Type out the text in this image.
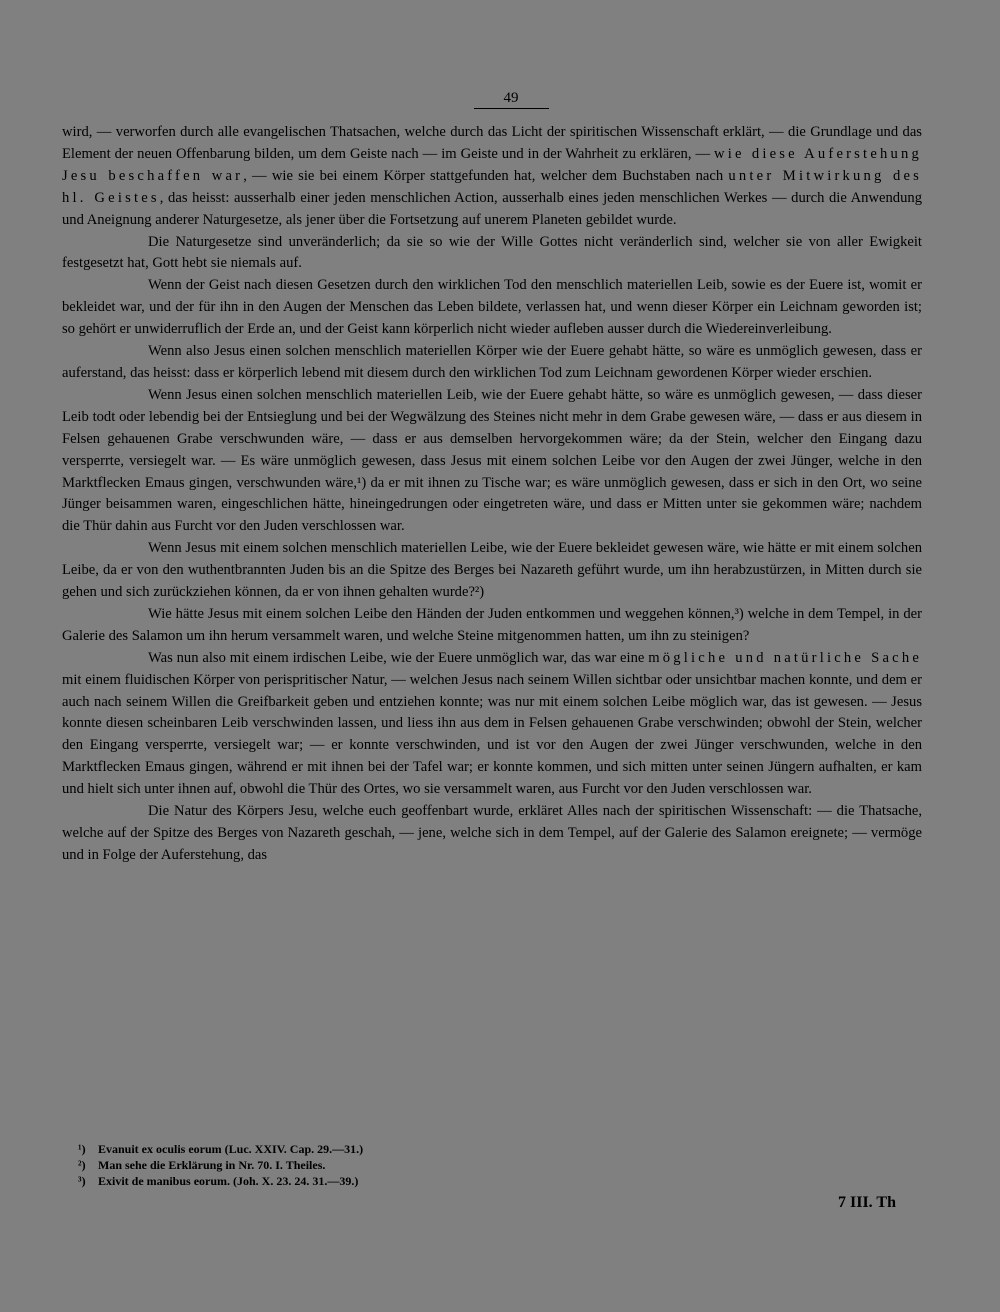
49

wird, — verworfen durch alle evangelischen Thatsachen, welche durch das Licht der spiritischen Wissenschaft erklärt, — die Grundlage und das Element der neuen Offenbarung bilden, um dem Geiste nach — im Geiste und in der Wahrheit zu erklären, — wie diese Auferstehung Jesu beschaffen war, — wie sie bei einem Körper stattgefunden hat, welcher dem Buchstaben nach unter Mitwirkung des hl. Geistes, das heisst: ausserhalb einer jeden menschlichen Action, ausserhalb eines jeden menschlichen Werkes — durch die Anwendung und Aneignung anderer Naturgesetze, als jener über die Fortsetzung auf unerem Planeten gebildet wurde.

Die Naturgesetze sind unveränderlich; da sie so wie der Wille Gottes nicht veränderlich sind, welcher sie von aller Ewigkeit festgesetzt hat, Gott hebt sie niemals auf.

Wenn der Geist nach diesen Gesetzen durch den wirklichen Tod den menschlich materiellen Leib, sowie es der Euere ist, womit er bekleidet war, und der für ihn in den Augen der Menschen das Leben bildete, verlassen hat, und wenn dieser Körper ein Leichnam geworden ist; so gehört er unwiderruflich der Erde an, und der Geist kann körperlich nicht wieder aufleben ausser durch die Wiedereinverleibung.

Wenn also Jesus einen solchen menschlich materiellen Körper wie der Euere gehabt hätte, so wäre es unmöglich gewesen, dass er auferstand, das heisst: dass er körperlich lebend mit diesem durch den wirklichen Tod zum Leichnam gewordenen Körper wieder erschien.

Wenn Jesus einen solchen menschlich materiellen Leib, wie der Euere gehabt hätte, so wäre es unmöglich gewesen, — dass dieser Leib todt oder lebendig bei der Entsieglung und bei der Wegwälzung des Steines nicht mehr in dem Grabe gewesen wäre, — dass er aus diesem in Felsen gehauenen Grabe verschwunden wäre, — dass er aus demselben hervorgekommen wäre; da der Stein, welcher den Eingang dazu versperrte, versiegelt war. — Es wäre unmöglich gewesen, dass Jesus mit einem solchen Leibe vor den Augen der zwei Jünger, welche in den Marktflecken Emaus gingen, verschwunden wäre,¹) da er mit ihnen zu Tische war; es wäre unmöglich gewesen, dass er sich in den Ort, wo seine Jünger beisammen waren, eingeschlichen hätte, hineingedrungen oder eingetreten wäre, und dass er Mitten unter sie gekommen wäre; nachdem die Thür dahin aus Furcht vor den Juden verschlossen war.

Wenn Jesus mit einem solchen menschlich materiellen Leibe, wie der Euere bekleidet gewesen wäre, wie hätte er mit einem solchen Leibe, da er von den wuthentbrannten Juden bis an die Spitze des Berges bei Nazareth geführt wurde, um ihn herabzustürzen, in Mitten durch sie gehen und sich zurückziehen können, da er von ihnen gehalten wurde?²)

Wie hätte Jesus mit einem solchen Leibe den Händen der Juden entkommen und weggehen können,³) welche in dem Tempel, in der Galerie des Salamon um ihn herum versammelt waren, und welche Steine mitgenommen hatten, um ihn zu steinigen?

Was nun also mit einem irdischen Leibe, wie der Euere unmöglich war, das war eine mögliche und natürliche Sache mit einem fluidischen Körper von perispritischer Natur, — welchen Jesus nach seinem Willen sichtbar oder unsichtbar machen konnte, und dem er auch nach seinem Willen die Greifbarkeit geben und entziehen konnte; was nur mit einem solchen Leibe möglich war, das ist gewesen. — Jesus konnte diesen scheinbaren Leib verschwinden lassen, und liess ihn aus dem in Felsen gehauenen Grabe verschwinden; obwohl der Stein, welcher den Eingang versperrte, versiegelt war; — er konnte verschwinden, und ist vor den Augen der zwei Jünger verschwunden, welche in den Marktflecken Emaus gingen, während er mit ihnen bei der Tafel war; er konnte kommen, und sich mitten unter seinen Jüngern aufhalten, er kam und hielt sich unter ihnen auf, obwohl die Thür des Ortes, wo sie versammelt waren, aus Furcht vor den Juden verschlossen war.

Die Natur des Körpers Jesu, welche euch geoffenbart wurde, erkläret Alles nach der spiritischen Wissenschaft: — die Thatsache, welche auf der Spitze des Berges von Nazareth geschah, — jene, welche sich in dem Tempel, auf der Galerie des Salamon ereignete; — vermöge und in Folge der Auferstehung, das

¹) Evanuit ex oculis eorum (Luc. XXIV. Cap. 29.—31.)
²) Man sehe die Erklärung in Nr. 70. I. Theiles.
³) Exivit de manibus eorum. (Joh. X. 23. 24. 31.—39.)
7 III. Th
